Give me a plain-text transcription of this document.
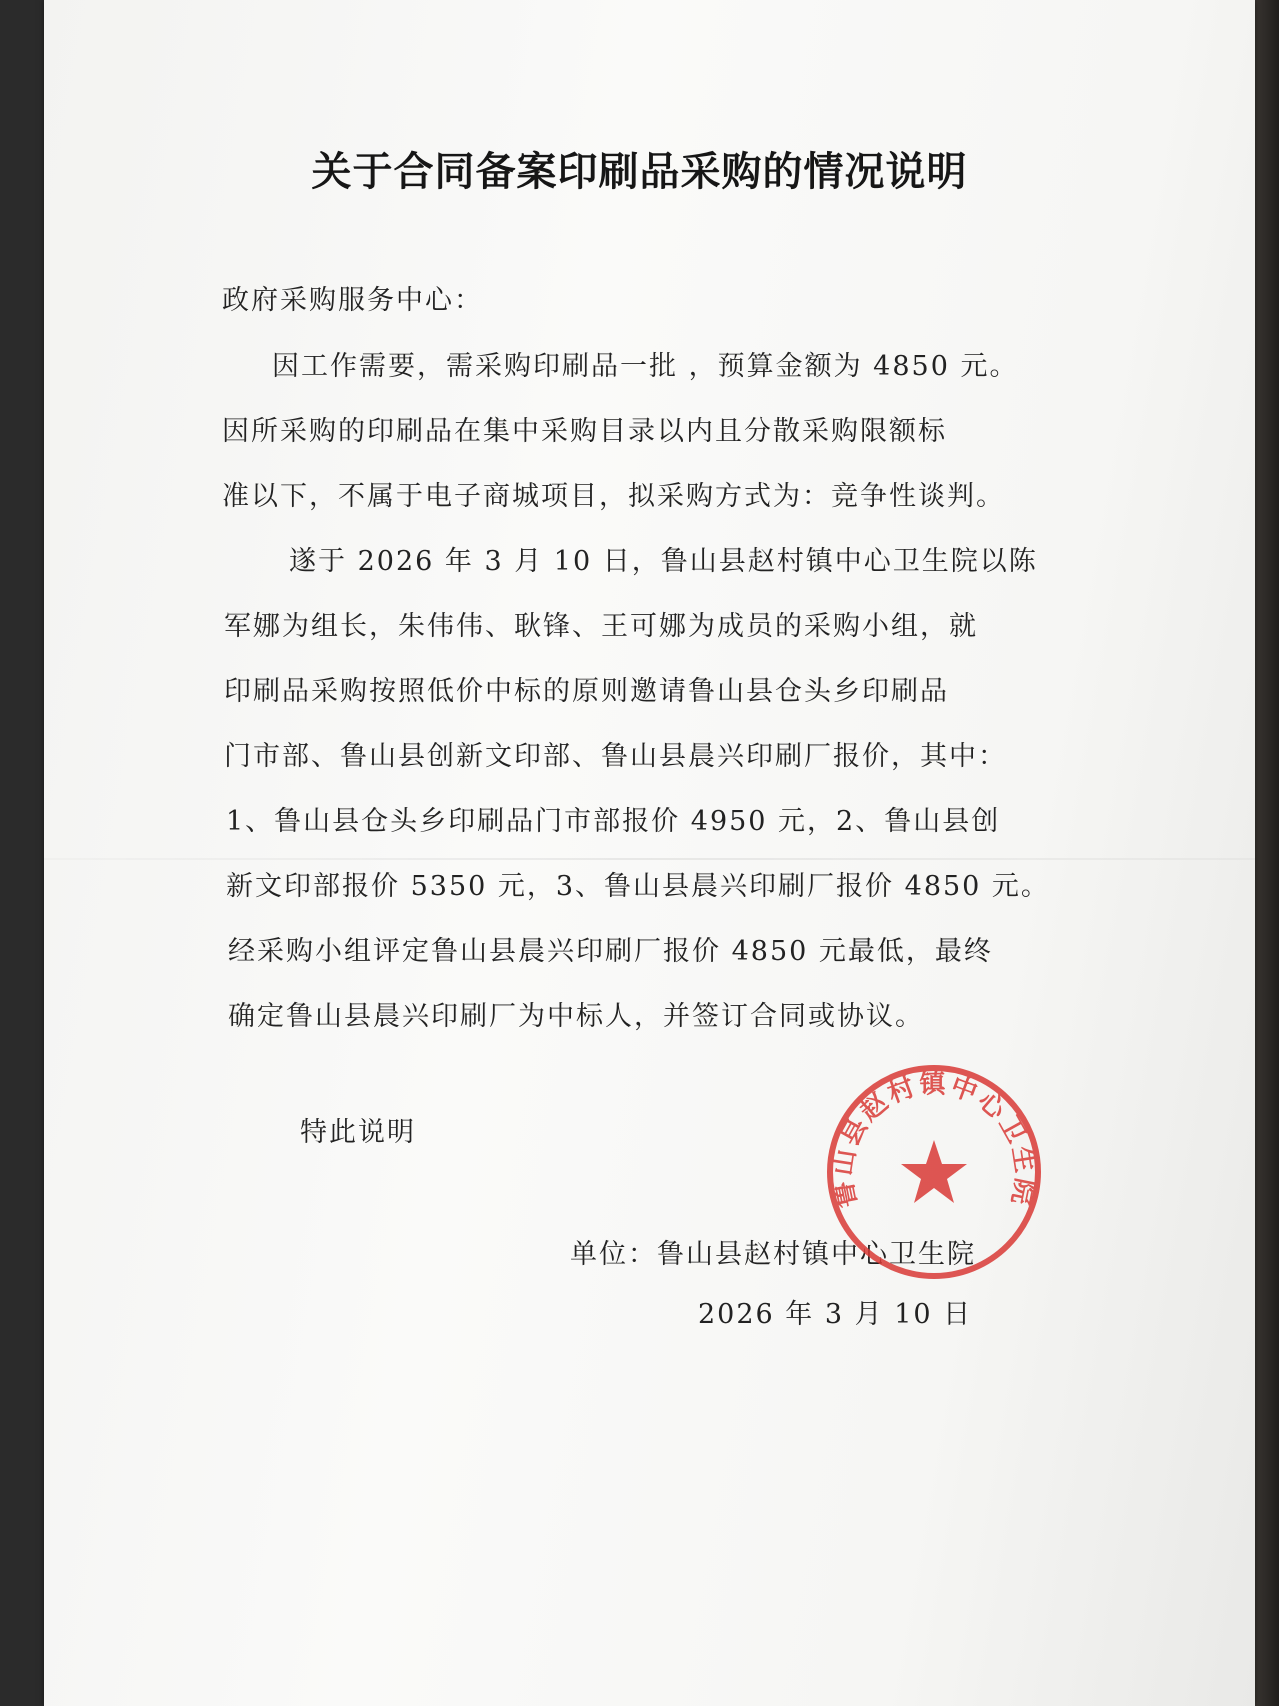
关于合同备案印刷品采购的情况说明
政府采购服务中心：
因工作需要，需采购印刷品一批 ，预算金额为 4850 元。
因所采购的印刷品在集中采购目录以内且分散采购限额标
准以下，不属于电子商城项目，拟采购方式为：竞争性谈判。
遂于 2026 年 3 月 10 日，鲁山县赵村镇中心卫生院以陈
军娜为组长，朱伟伟、耿锋、王可娜为成员的采购小组，就
印刷品采购按照低价中标的原则邀请鲁山县仓头乡印刷品
门市部、鲁山县创新文印部、鲁山县晨兴印刷厂报价，其中：
1、鲁山县仓头乡印刷品门市部报价 4950 元，2、鲁山县创
新文印部报价 5350 元，3、鲁山县晨兴印刷厂报价 4850 元。
经采购小组评定鲁山县晨兴印刷厂报价 4850 元最低，最终
确定鲁山县晨兴印刷厂为中标人，并签订合同或协议。
特此说明
单位：鲁山县赵村镇中心卫生院
2026 年 3 月 10 日
鲁山县赵村镇中心卫生院
